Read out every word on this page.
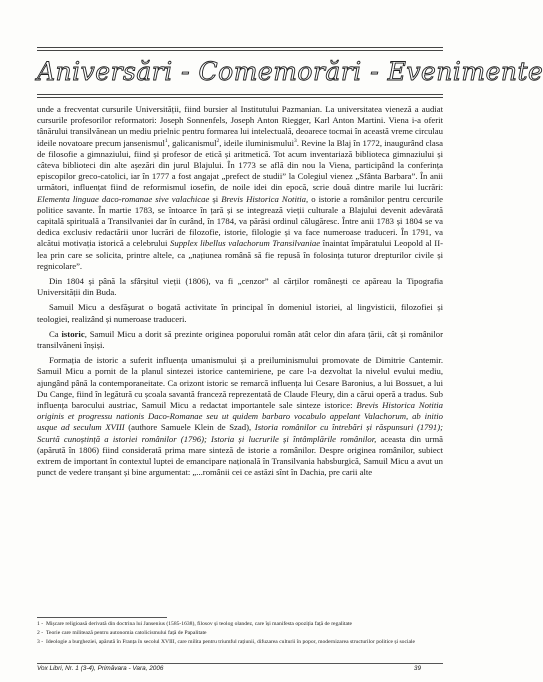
Aniversări - Comemorări - Evenimente

unde a frecventat cursurile Universității, fiind bursier al Institutului Pazmanian. La universitatea vieneză a audiat cursurile profesorilor reformatori: Joseph Sonnenfels, Joseph Anton Riegger, Karl Anton Martini. Viena i-a oferit tânărului transilvănean un mediu prielnic pentru formarea lui intelectuală, deoarece tocmai în această vreme circulau ideile novatoare precum jansenismul$^1$, galicanismul$^2$, ideile iluminismului$^3$. Revine la Blaj în 1772, inaugurând clasa de filosofie a gimnaziului, fiind și profesor de etică și aritmetică. Tot acum inventariază biblioteca gimnaziului și câteva biblioteci din alte așezări din jurul Blajului. În 1773 se află din nou la Viena, participând la conferința episcopilor greco-catolici, iar în 1777 a fost angajat „prefect de studii” la Colegiul vienez „Sfânta Barbara”. În anii următori, influențat fiind de reformismul iosefin, de noile idei din epocă, scrie două dintre marile lui lucrări: Elementa linguae daco-romanae sive valachicae și Brevis Historica Notitia, o istorie a românilor pentru cercurile politice savante. În martie 1783, se întoarce în țară și se integrează vieții culturale a Blajului devenit adevărată capitală spirituală a Transilvaniei dar în curând, în 1784, va părăsi ordinul călugăresc. Între anii 1783 și 1804 se va dedica exclusiv redactării unor lucrări de filozofie, istorie, filologie și va face numeroase traduceri. În 1791, va alcătui motivația istorică a celebrului Supplex libellus valachorum Transilvaniae înaintat împăratului Leopold al II-lea prin care se solicita, printre altele, ca „națiunea română să fie repusă în folosința tuturor drepturilor civile și regnicolare”.

Din 1804 și până la sfârșitul vieții (1806), va fi „cenzor” al cărților românești ce apăreau la Tipografia Universității din Buda.

Samuil Micu a desfășurat o bogată activitate în principal în domeniul istoriei, al lingvisticii, filozofiei și teologiei, realizând și numeroase traduceri.

Ca istoric, Samuil Micu a dorit să prezinte originea poporului român atât celor din afara țării, cât și românilor transilvăneni înșiși.

Formația de istoric a suferit influența umanismului și a preiluminismului promovate de Dimitrie Cantemir. Samuil Micu a pornit de la planul sintezei istorice cantemiriene, pe care l-a dezvoltat la nivelul evului mediu, ajungând până la contemporaneitate. Ca orizont istoric se remarcă influența lui Cesare Baronius, a lui Bossuet, a lui Du Cange, fiind în legătură cu școala savantă franceză reprezentată de Claude Fleury, din a cărui operă a tradus. Sub influența barocului austriac, Samuil Micu a redactat importantele sale sinteze istorice: Brevis Historica Notitia originis et progressu nationis Daco-Romanae seu ut quidem barbaro vocabulo appelant Valachorum, ab initio usque ad seculum XVIII (authore Samuele Klein de Szad), Istoria românilor cu întrebări și răspunsuri (1791); Scurtă cunoștință a istoriei românilor (1796); Istoria și lucrurile și întâmplările românilor, aceasta din urmă (apărută în 1806) fiind considerată prima mare sinteză de istorie a românilor. Despre originea românilor, subiect extrem de important în contextul luptei de emancipare națională în Transilvania habsburgică, Samuil Micu a avut un punct de vedere tranșant și bine argumentat: „...românii cei ce astăzi sînt în Dachia, pre carii alte

1 - Mișcare religioasă derivată din doctrina lui Jansenius (1585-1638), filosov și teolog olandez, care își manifesta opoziția față de regalitate
2 - Teorie care militează pentru autonomia catolicismului față de Papalitate
3 - Ideologie a burgheziei, apărută în Franța în secolul XVIII, care milita pentru triumful rațiunii, difuzarea culturii în popor, modernizarea structurilor politice și sociale
Vox Libri, Nr. 1 (3-4), Primăvara - Vara, 2006	39
